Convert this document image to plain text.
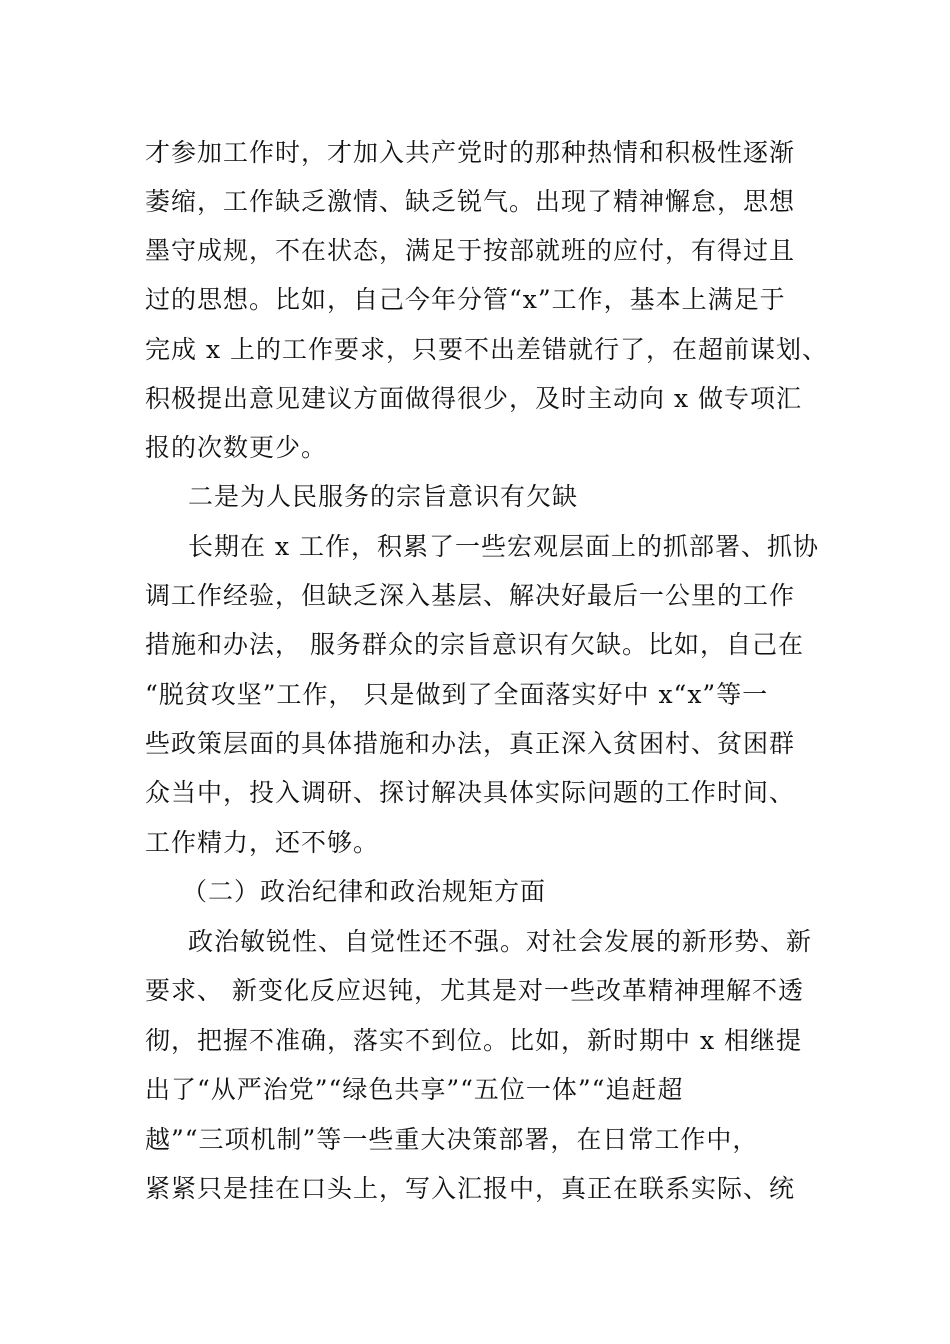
才参加工作时，才加入共产党时的那种热情和积极性逐渐
萎缩，工作缺乏激情、缺乏锐气。出现了精神懈怠，思想
墨守成规，不在状态，满足于按部就班的应付，有得过且
过的思想。比如，自己今年分管“x”工作，基本上满足于
完成 x 上的工作要求，只要不出差错就行了，在超前谋划、
积极提出意见建议方面做得很少，及时主动向 x 做专项汇
报的次数更少。
二是为人民服务的宗旨意识有欠缺
长期在 x 工作，积累了一些宏观层面上的抓部署、抓协
调工作经验，但缺乏深入基层、解决好最后一公里的工作
措施和办法， 服务群众的宗旨意识有欠缺。比如，自己在
“脱贫攻坚”工作， 只是做到了全面落实好中 x“x”等一
些政策层面的具体措施和办法，真正深入贫困村、贫困群
众当中，投入调研、探讨解决具体实际问题的工作时间、
工作精力，还不够。
（二）政治纪律和政治规矩方面
政治敏锐性、自觉性还不强。对社会发展的新形势、新
要求、 新变化反应迟钝，尤其是对一些改革精神理解不透
彻，把握不准确，落实不到位。比如，新时期中 x 相继提
出了“从严治党”“绿色共享”“五位一体”“追赶超
越”“三项机制”等一些重大决策部署，在日常工作中，
紧紧只是挂在口头上，写入汇报中，真正在联系实际、统
